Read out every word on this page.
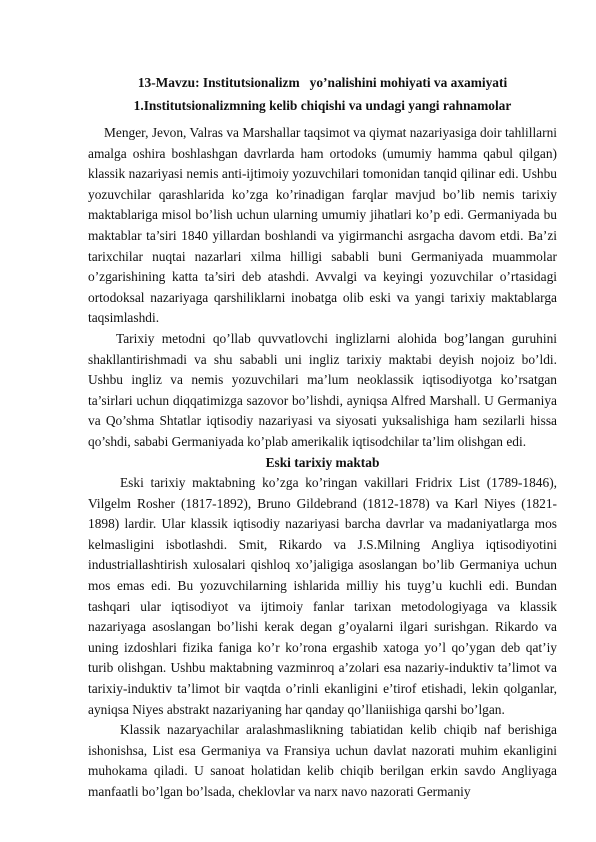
13-Mavzu: Institutsionalizm   yo’nalishini mohiyati va axamiyati
1.Institutsionalizmning kelib chiqishi va undagi yangi rahnamolar

Menger, Jevon, Valras va Marshallar taqsimot va qiymat nazariyasiga doir tahlillarni amalga oshira boshlashgan davrlarda ham ortodoks (umumiy hamma qabul qilgan) klassik nazariyasi nemis anti-ijtimoiy yozuvchilari tomonidan tanqid qilinar edi. Ushbu yozuvchilar qarashlarida ko’zga ko’rinadigan farqlar mavjud bo’lib nemis tarixiy maktablariga misol bo’lish uchun ularning umumiy jihatlari ko’p edi. Germaniyada bu maktablar ta’siri 1840 yillardan boshlandi va yigirmanchi asrgacha davom etdi. Ba’zi tarixchilar nuqtai nazarlari xilma hilligi sababli buni Germaniyada muammolar o’zgarishining katta ta’siri deb atashdi. Avvalgi va keyingi yozuvchilar o’rtasidagi ortodoksal nazariyaga qarshiliklarni inobatga olib eski va yangi tarixiy maktablarga taqsimlashdi.

Tarixiy metodni qo’llab quvvatlovchi inglizlarni alohida bog’langan guruhini shakllantirishmadi va shu sababli uni ingliz tarixiy maktabi deyish nojoiz bo’ldi. Ushbu ingliz va nemis yozuvchilari ma’lum neoklassik iqtisodiyotga ko’rsatgan ta’sirlari uchun diqqatimizga sazovor bo’lishdi, ayniqsa Alfred Marshall. U Germaniya va Qo’shma Shtatlar iqtisodiy nazariyasi va siyosati yuksalishiga ham sezilarli hissa qo’shdi, sababi Germaniyada ko’plab amerikalik iqtisodchilar ta’lim olishgan edi.

Eski tarixiy maktab

Eski tarixiy maktabning ko’zga ko’ringan vakillari Fridrix List (1789-1846), Vilgelm Rosher (1817-1892), Bruno Gildebrand (1812-1878) va Karl Niyes (1821-1898) lardir. Ular klassik iqtisodiy nazariyasi barcha davrlar va madaniyatlarga mos kelmasligini isbotlashdi. Smit, Rikardo va J.S.Milning Angliya iqtisodiyotini industriallashtirish xulosalari qishloq xo’jaligiga asoslangan bo’lib Germaniya uchun mos emas edi. Bu yozuvchilarning ishlarida milliy his tuyg’u kuchli edi. Bundan tashqari ular iqtisodiyot va ijtimoiy fanlar tarixan metodologiyaga va klassik nazariyaga asoslangan bo’lishi kerak degan g’oyalarni ilgari surishgan. Rikardo va uning izdoshlari fizika faniga ko’r ko’rona ergashib xatoga yo’l qo’ygan deb qat’iy turib olishgan. Ushbu maktabning vazminroq a’zolari esa nazariy-induktiv ta’limot va tarixiy-induktiv ta’limot bir vaqtda o’rinli ekanligini e’tirof etishadi, lekin qolganlar, ayniqsa Niyes abstrakt nazariyaning har qanday qo’llaniishiga qarshi bo’lgan.

Klassik nazaryachilar aralashmaslikning tabiatidan kelib chiqib naf berishiga ishonishsa, List esa Germaniya va Fransiya uchun davlat nazorati muhim ekanligini muhokama qiladi. U sanoat holatidan kelib chiqib berilgan erkin savdo Angliyaga manfaatli bo’lgan bo’lsada, cheklovlar va narx navo nazorati Germaniy
